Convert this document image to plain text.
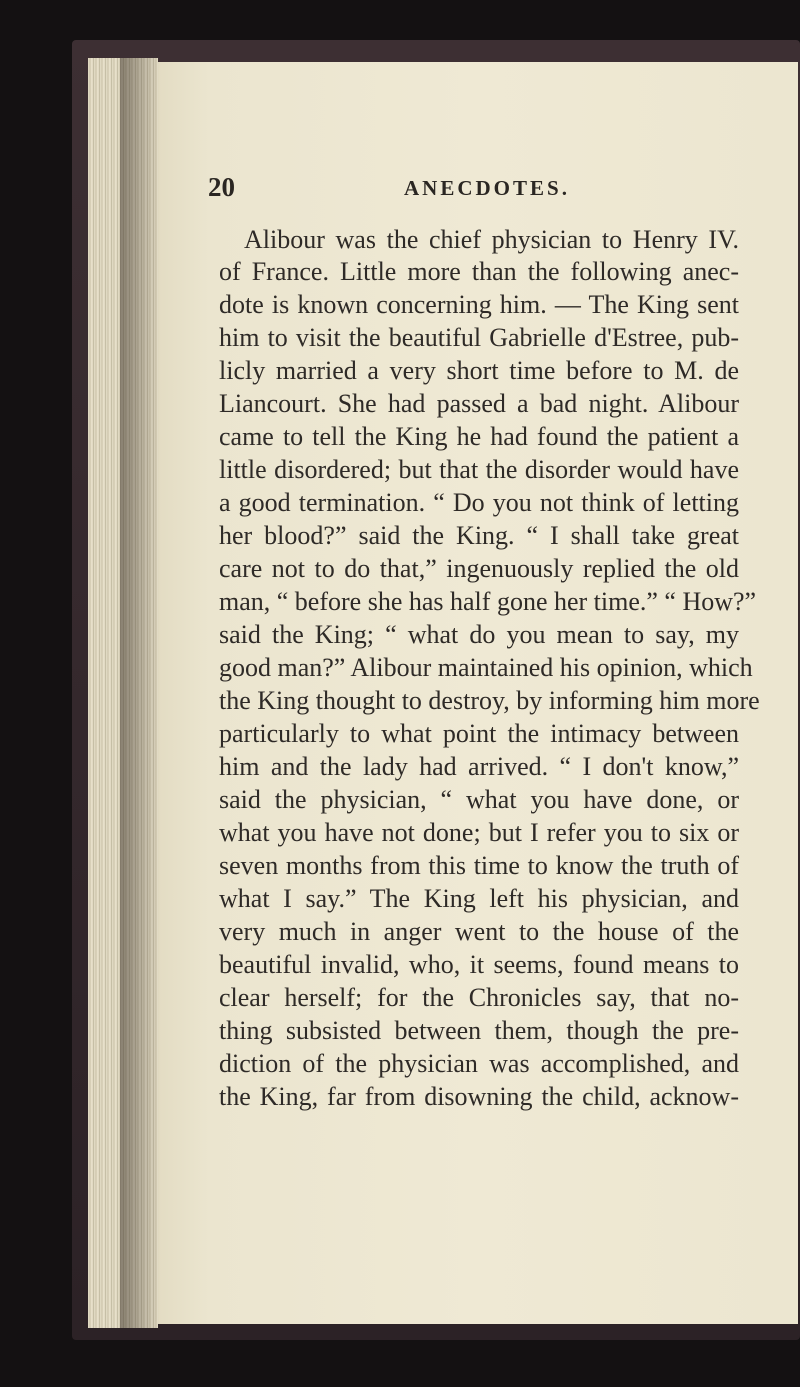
20	ANECDOTES.
Alibour was the chief physician to Henry IV.
of France. Little more than the following anec-
dote is known concerning him. — The King sent
him to visit the beautiful Gabrielle d'Estree, pub-
licly married a very short time before to M. de
Liancourt. She had passed a bad night. Alibour
came to tell the King he had found the patient a
little disordered; but that the disorder would have
a good termination. “ Do you not think of letting
her blood?” said the King. “ I shall take great
care not to do that,” ingenuously replied the old
man, “ before she has half gone her time.” “ How?”
said the King; “ what do you mean to say, my
good man?” Alibour maintained his opinion, which
the King thought to destroy, by informing him more
particularly to what point the intimacy between
him and the lady had arrived. “ I don't know,”
said the physician, “ what you have done, or
what you have not done; but I refer you to six or
seven months from this time to know the truth of
what I say.” The King left his physician, and
very much in anger went to the house of the
beautiful invalid, who, it seems, found means to
clear herself; for the Chronicles say, that no-
thing subsisted between them, though the pre-
diction of the physician was accomplished, and
the King, far from disowning the child, acknow-
